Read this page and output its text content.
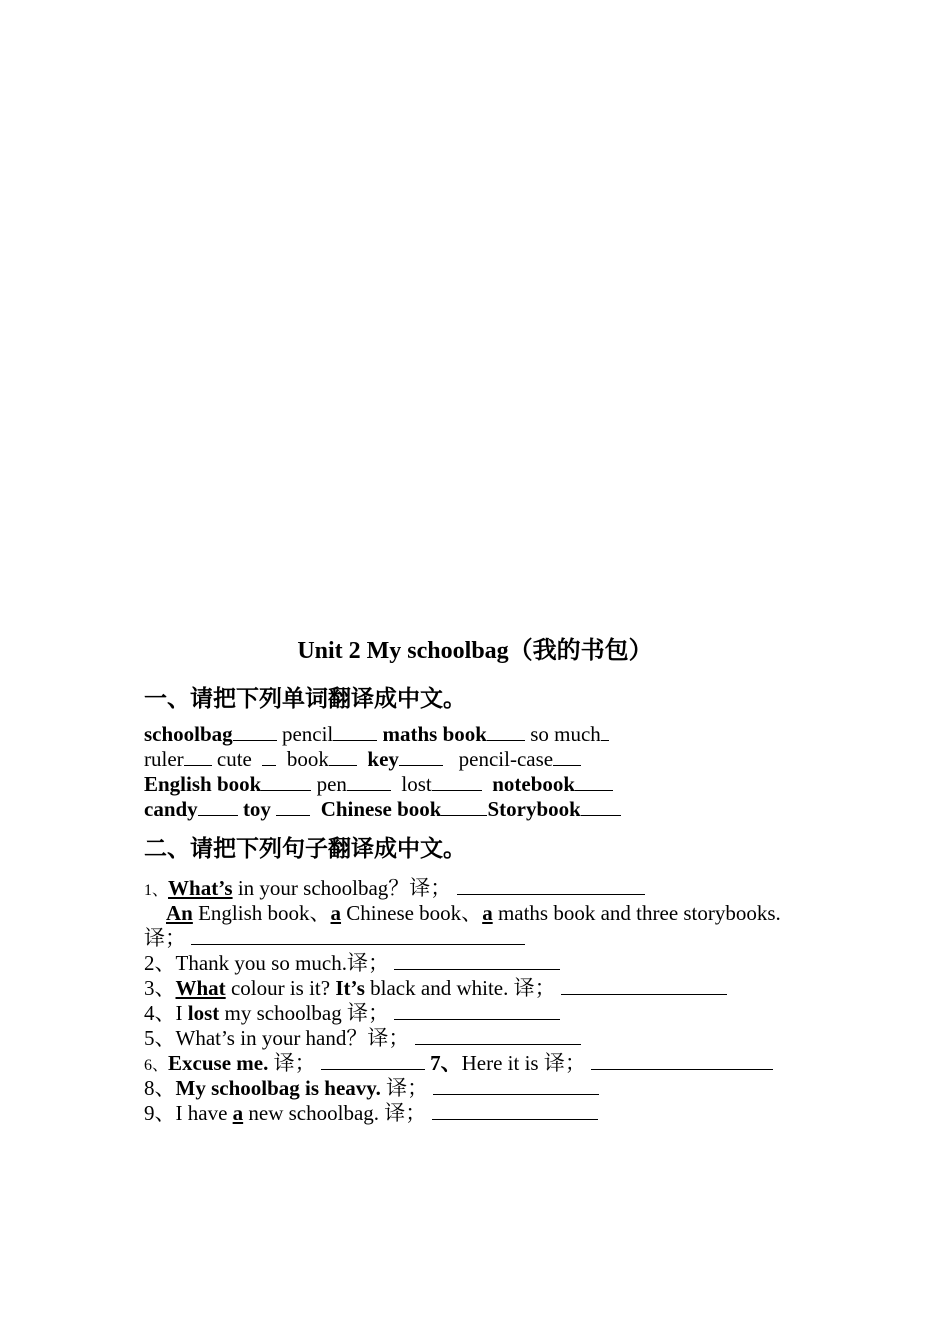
Unit 2 My schoolbag（我的书包）
一、请把下列单词翻译成中文。
schoolbag pencil maths book so much
ruler cute book key	pencil-case
English book	pen	lost	notebook
candy toy Chinese book Storybook
二、请把下列句子翻译成中文。
1、What’s in your schoolbag？译；
An English book、a Chinese book、a maths book and three storybooks.
译；
2、Thank you so much.译；
3、What colour is it? It’s black and white. 译；
4、I lost my schoolbag 译；
5、What’s in your hand？译；
6、Excuse me. 译；	7、Here it is 译；
8、My schoolbag is heavy. 译；
9、I have a new schoolbag. 译；
